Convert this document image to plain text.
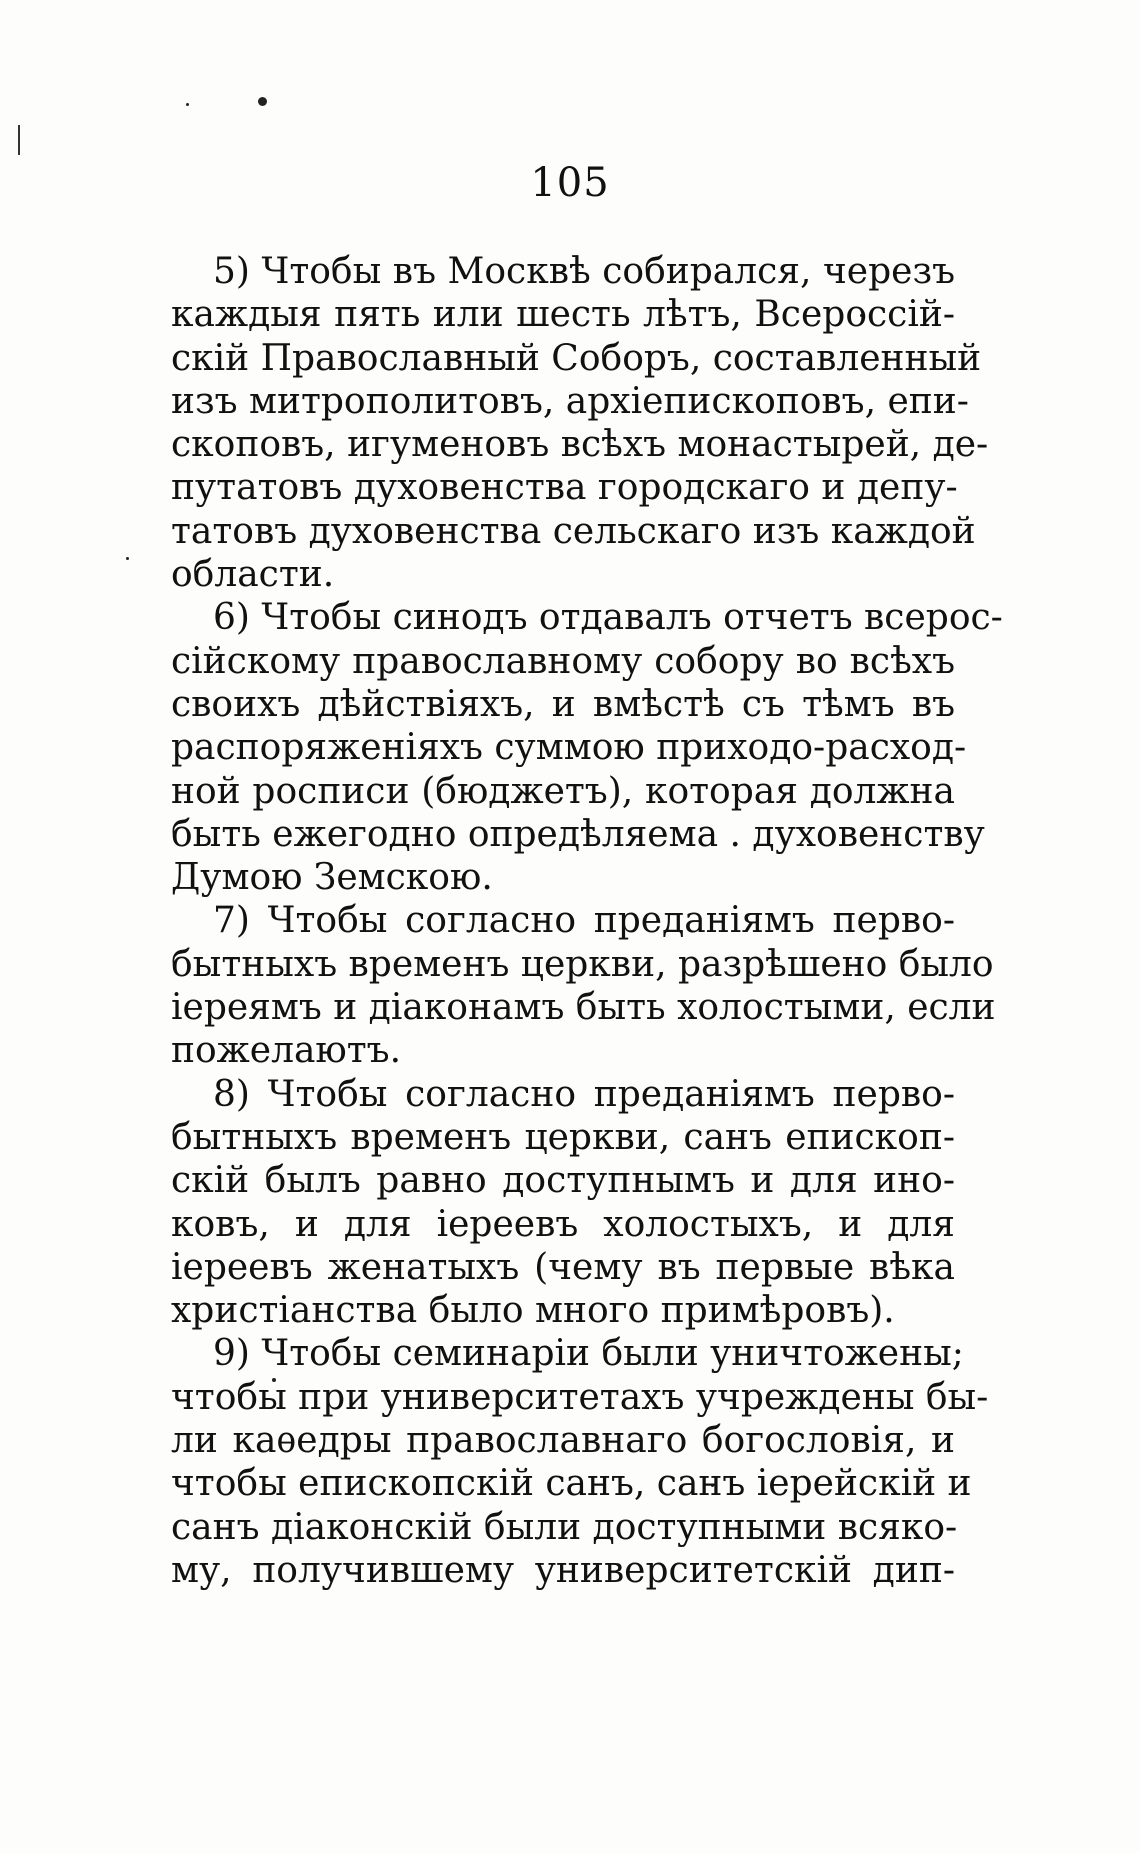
105
5) Чтобы въ Москвѣ собирался, черезъ
каждыя пять или шесть лѣтъ, Всероссій-
скій Православный Соборъ, составленный
изъ митрополитовъ, архіепископовъ, епи-
скоповъ, игуменовъ всѣхъ монастырей, де-
путатовъ духовенства городскаго и депу-
татовъ духовенства сельскаго изъ каждой
области.
6) Чтобы синодъ отдавалъ отчетъ всерос-
сійскому православному собору во всѣхъ
своихъ дѣйствіяхъ, и вмѣстѣ съ тѣмъ въ
распоряженіяхъ суммою приходо-расход-
ной росписи (бюджетъ), которая должна
быть ежегодно опредѣляема . духовенству
Думою Земскою.
7) Чтобы согласно преданіямъ перво-
бытныхъ временъ церкви, разрѣшено было
іереямъ и діаконамъ быть холостыми, если
пожелаютъ.
8) Чтобы согласно преданіямъ перво-
бытныхъ временъ церкви, санъ епископ-
скій былъ равно доступнымъ и для ино-
ковъ, и для іереевъ холостыхъ, и для
іереевъ женатыхъ (чему въ первые вѣка
христіанства было много примѣровъ).
9) Чтобы семинаріи были уничтожены;
чтобы при университетахъ учреждены бы-
ли каѳедры православнаго богословія, и
чтобы епископскій санъ, санъ іерейскій и
санъ діаконскій были доступными всяко-
му, получившему университетскій дип-
